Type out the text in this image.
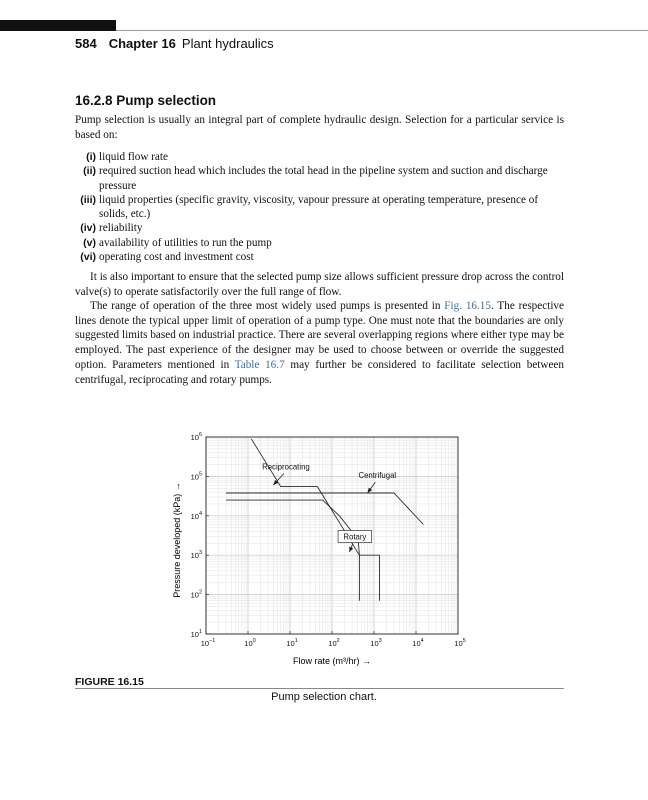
584 Chapter 16 Plant hydraulics
16.2.8 Pump selection

Pump selection is usually an integral part of complete hydraulic design. Selection for a particular service is based on:

(i) liquid flow rate
(ii) required suction head which includes the total head in the pipeline system and suction and discharge pressure
(iii) liquid properties (specific gravity, viscosity, vapour pressure at operating temperature, presence of solids, etc.)
(iv) reliability
(v) availability of utilities to run the pump
(vi) operating cost and investment cost

It is also important to ensure that the selected pump size allows sufficient pressure drop across the control valve(s) to operate satisfactorily over the full range of flow.

The range of operation of the three most widely used pumps is presented in Fig. 16.15. The respective lines denote the typical upper limit of operation of a pump type. One must note that the boundaries are only suggested limits based on industrial practice. There are several overlapping regions where either type may be employed. The past experience of the designer may be used to choose between or override the suggested option. Parameters mentioned in Table 16.7 may further be considered to facilitate selection between centrifugal, reciprocating and rotary pumps.

$10^{-1}$	$10^0$	$10^1$	$10^2$	$10^3$	$10^4$	$10^5$
$10^1$
$10^2$
$10^3$
$10^4$
$10^5$
$10^6$
Reciprocating
Centrifugal
Rotary
Flow rate (m³/hr) →
Pressure developed (kPa) →
FIGURE 16.15
Pump selection chart.
